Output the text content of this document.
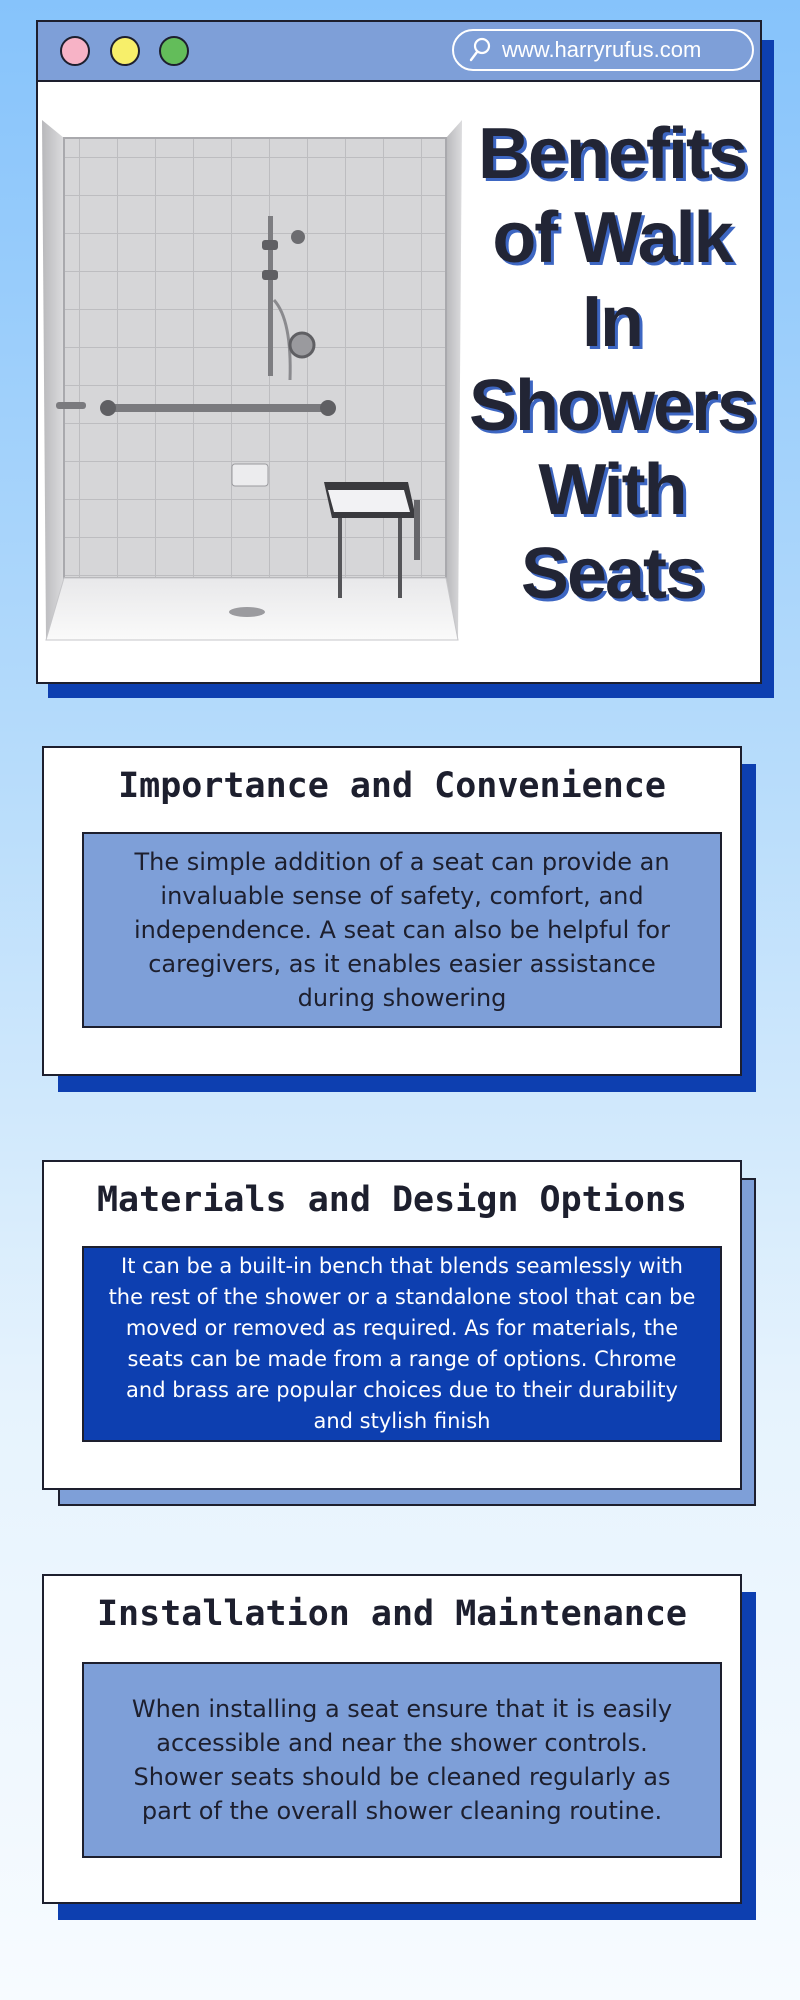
www.harryrufus.com
Benefits
of Walk
In
Showers
With
Seats
Importance and Convenience
The simple addition of a seat can provide an invaluable sense of safety, comfort, and independence. A seat can also be helpful for caregivers, as it enables easier assistance during showering
Materials and Design Options
It can be a built-in bench that blends seamlessly with the rest of the shower or a standalone stool that can be moved or removed as required. As for materials, the seats can be made from a range of options. Chrome and brass are popular choices due to their durability and stylish finish
Installation and Maintenance
When installing a seat ensure that it is easily accessible and near the shower controls. Shower seats should be cleaned regularly as part of the overall shower cleaning routine.
